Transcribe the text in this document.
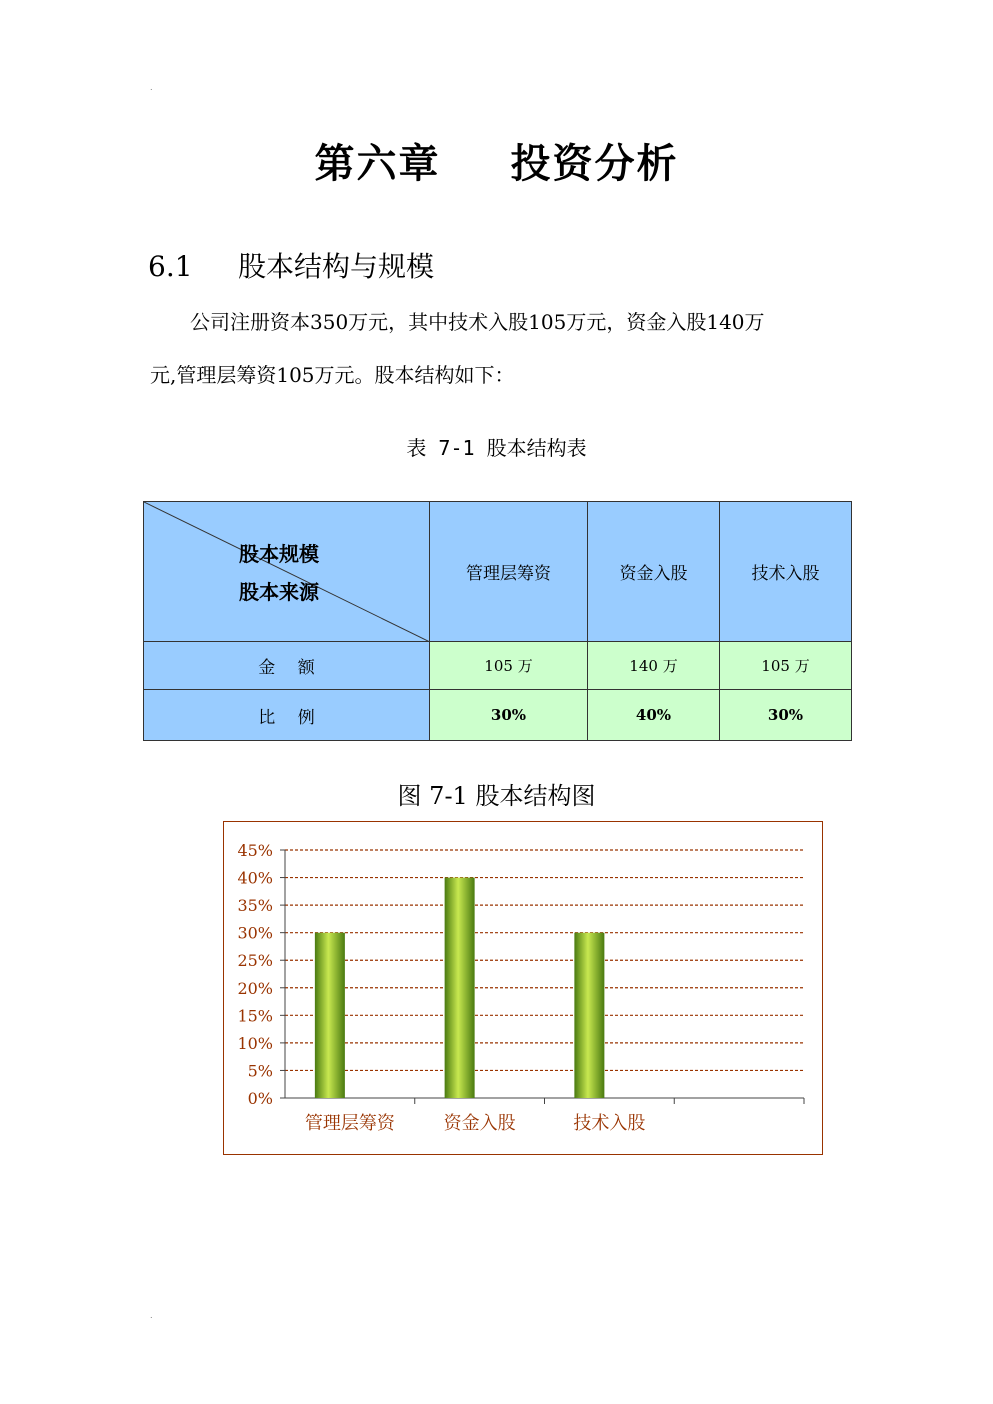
.
.
第六章 投资分析
6.1 股本结构与规模
公司注册资本350万元，其中技术入股105万元，资金入股140万
元,管理层筹资105万元。股本结构如下：
表 7-1 股本结构表
股本规模
股本来源	管理层筹资	资金入股	技术入股
金　 额	105 万	140 万	105 万
比　 例	30%	40%	30%
图 7-1 股本结构图
0%
5%
10%
15%
20%
25%
30%
35%
40%
45%
管理层筹资	资金入股	技术入股
